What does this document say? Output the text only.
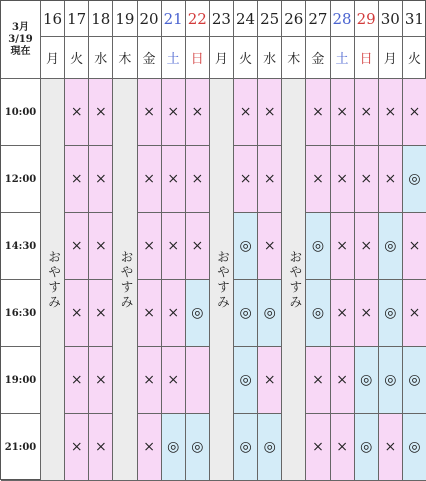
3月
3/19
現在
10:00
12:00
14:30
16:30
19:00
21:00
16
月
おやすみ
17
火
×
×
×
×
×
×
18
水
×
×
×
×
×
×
19
木
おやすみ
20
金
×
×
×
×
×
×
21
土
×
×
×
×
×
◎
22
日
×
×
×
◎
◎
23
月
おやすみ
24
火
×
×
◎
◎
◎
◎
25
水
×
×
×
◎
×
◎
26
木
おやすみ
27
金
×
×
◎
◎
×
×
28
土
×
×
×
×
×
×
29
日
×
×
×
×
◎
◎
30
月
×
×
◎
◎
◎
×
31
火
×
◎
×
×
◎
◎
